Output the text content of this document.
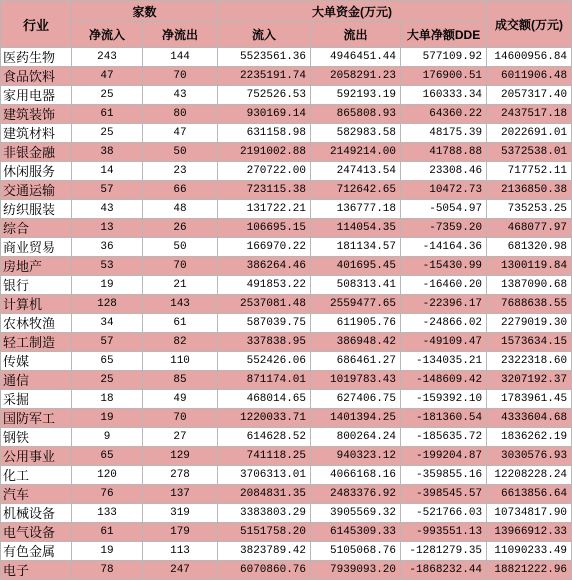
行业	家数		大单资金(万元)			成交额(万元)
	净流入	净流出	流入	流出	大单净额DDE	
医药生物	243	144	5523561.36	4946451.44	577109.92	14600956.84
食品饮料	47	70	2235191.74	2058291.23	176900.51	6011906.48
家用电器	25	43	752526.53	592193.19	160333.34	2057317.40
建筑装饰	61	80	930169.14	865808.93	64360.22	2437517.18
建筑材料	25	47	631158.98	582983.58	48175.39	2022691.01
非银金融	38	50	2191002.88	2149214.00	41788.88	5372538.01
休闲服务	14	23	270722.00	247413.54	23308.46	717752.11
交通运输	57	66	723115.38	712642.65	10472.73	2136850.38
纺织服装	43	48	131722.21	136777.18	-5054.97	735253.25
综合	13	26	106695.15	114054.35	-7359.20	468077.97
商业贸易	36	50	166970.22	181134.57	-14164.36	681320.98
房地产	53	70	386264.46	401695.45	-15430.99	1300119.84
银行	19	21	491853.22	508313.41	-16460.20	1387090.68
计算机	128	143	2537081.48	2559477.65	-22396.17	7688638.55
农林牧渔	34	61	587039.75	611905.76	-24866.02	2279019.30
轻工制造	57	82	337838.95	386948.42	-49109.47	1573634.15
传媒	65	110	552426.06	686461.27	-134035.21	2322318.60
通信	25	85	871174.01	1019783.43	-148609.42	3207192.37
采掘	18	49	468014.65	627406.75	-159392.10	1783961.45
国防军工	19	70	1220033.71	1401394.25	-181360.54	4333604.68
钢铁	9	27	614628.52	800264.24	-185635.72	1836262.19
公用事业	65	129	741118.25	940323.12	-199204.87	3030576.93
化工	120	278	3706313.01	4066168.16	-359855.16	12208228.24
汽车	76	137	2084831.35	2483376.92	-398545.57	6613856.64
机械设备	133	319	3383803.29	3905569.32	-521766.03	10734817.90
电气设备	61	179	5151758.20	6145309.33	-993551.13	13966912.33
有色金属	19	113	3823789.42	5105068.76	-1281279.35	11090233.49
电子	78	247	6070860.76	7939093.20	-1868232.44	18821222.96
